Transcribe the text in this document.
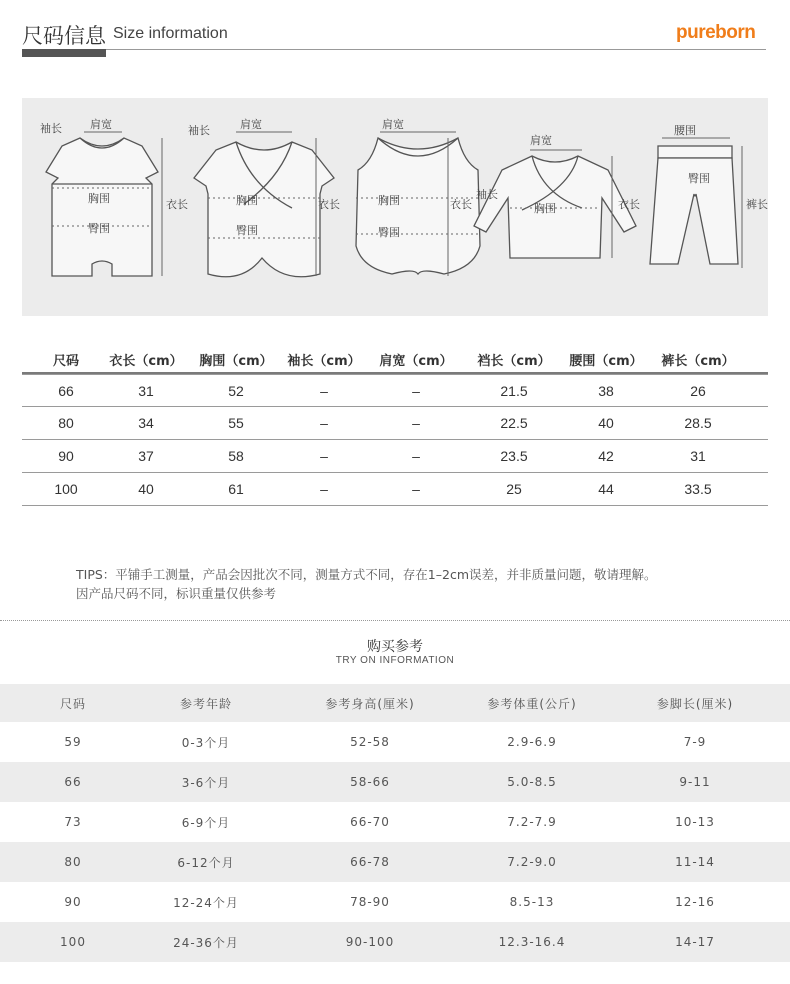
尺码信息 Size information	pureborn
袖长	肩宽
胸围
臀围
衣长
袖长	肩宽
胸围
臀围
衣长
肩宽
胸围
臀围
衣长
肩宽
袖长
胸围	衣长
腰围
臀围
裤长
尺码	衣长（cm）	胸围（cm）	袖长（cm）	肩宽（cm）	裆长（cm）	腰围（cm）	裤长（cm）
66	31	52	–	–	21.5	38	26
80	34	55	–	–	22.5	40	28.5
90	37	58	–	–	23.5	42	31
100	40	61	–	–	25	44	33.5
TIPS：平铺手工测量，产品会因批次不同，测量方式不同，存在1–2cm误差，并非质量问题，敬请理解。
因产品尺码不同，标识重量仅供参考
购买参考
TRY ON INFORMATION
尺码	参考年龄	参考身高(厘米)	参考体重(公斤)	参脚长(厘米)
59	0-3个月	52-58	2.9-6.9	7-9
66	3-6个月	58-66	5.0-8.5	9-11
73	6-9个月	66-70	7.2-7.9	10-13
80	6-12个月	66-78	7.2-9.0	11-14
90	12-24个月	78-90	8.5-13	12-16
100	24-36个月	90-100	12.3-16.4	14-17
